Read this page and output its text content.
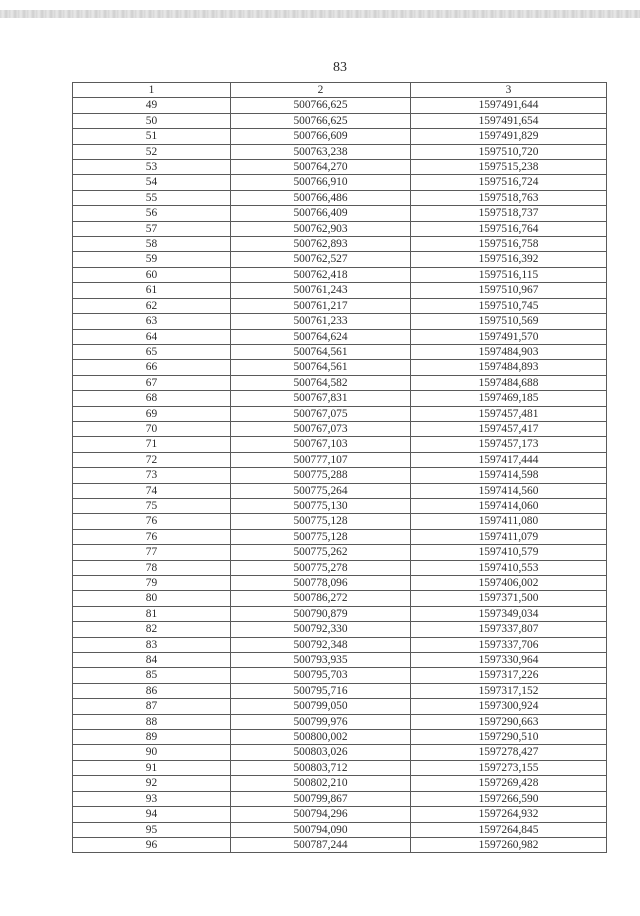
83
1	2	3
49	500766,625	1597491,644
50	500766,625	1597491,654
51	500766,609	1597491,829
52	500763,238	1597510,720
53	500764,270	1597515,238
54	500766,910	1597516,724
55	500766,486	1597518,763
56	500766,409	1597518,737
57	500762,903	1597516,764
58	500762,893	1597516,758
59	500762,527	1597516,392
60	500762,418	1597516,115
61	500761,243	1597510,967
62	500761,217	1597510,745
63	500761,233	1597510,569
64	500764,624	1597491,570
65	500764,561	1597484,903
66	500764,561	1597484,893
67	500764,582	1597484,688
68	500767,831	1597469,185
69	500767,075	1597457,481
70	500767,073	1597457,417
71	500767,103	1597457,173
72	500777,107	1597417,444
73	500775,288	1597414,598
74	500775,264	1597414,560
75	500775,130	1597414,060
76	500775,128	1597411,080
76	500775,128	1597411,079
77	500775,262	1597410,579
78	500775,278	1597410,553
79	500778,096	1597406,002
80	500786,272	1597371,500
81	500790,879	1597349,034
82	500792,330	1597337,807
83	500792,348	1597337,706
84	500793,935	1597330,964
85	500795,703	1597317,226
86	500795,716	1597317,152
87	500799,050	1597300,924
88	500799,976	1597290,663
89	500800,002	1597290,510
90	500803,026	1597278,427
91	500803,712	1597273,155
92	500802,210	1597269,428
93	500799,867	1597266,590
94	500794,296	1597264,932
95	500794,090	1597264,845
96	500787,244	1597260,982
